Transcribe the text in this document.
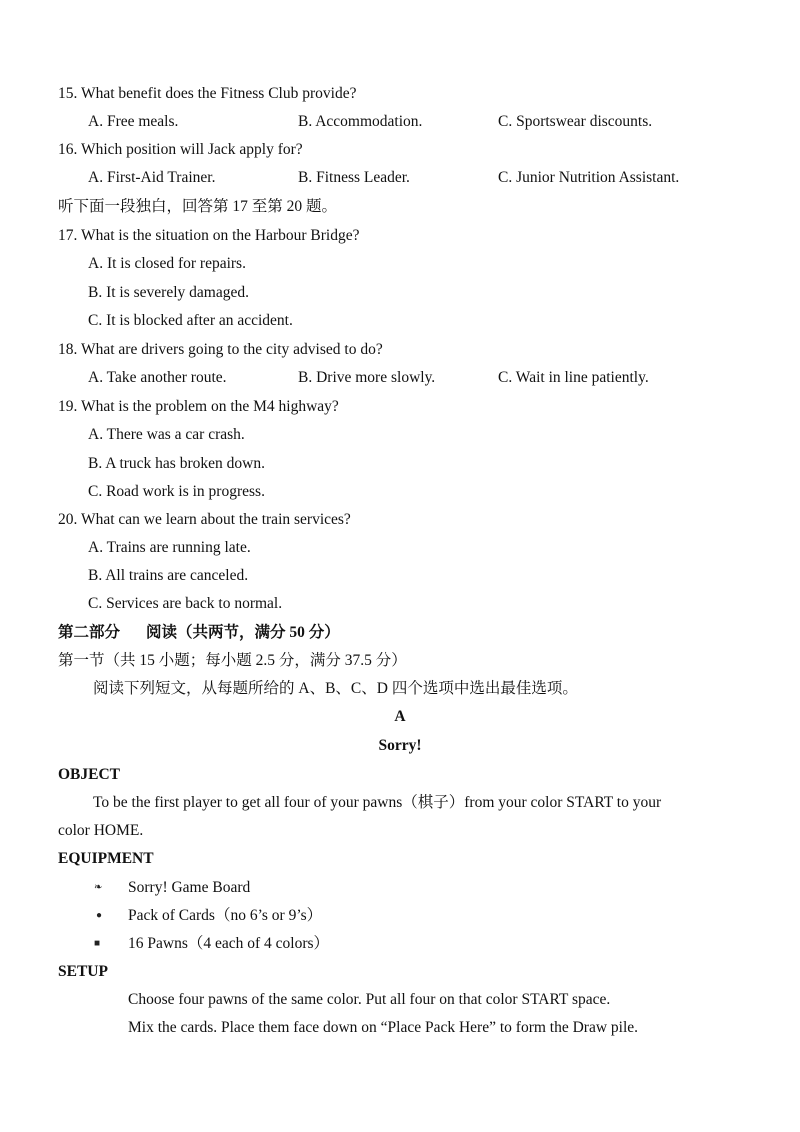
15. What benefit does the Fitness Club provide?
A. Free meals.	B. Accommodation.	C. Sportswear discounts.
16. Which position will Jack apply for?
A. First-Aid Trainer.	B. Fitness Leader.	C. Junior Nutrition Assistant.
听下面一段独白，回答第 17 至第 20 题。
17. What is the situation on the Harbour Bridge?
A. It is closed for repairs.
B. It is severely damaged.
C. It is blocked after an accident.
18. What are drivers going to the city advised to do?
A. Take another route.	B. Drive more slowly.	C. Wait in line patiently.
19. What is the problem on the M4 highway?
A. There was a car crash.
B. A truck has broken down.
C. Road work is in progress.
20. What can we learn about the train services?
A. Trains are running late.
B. All trains are canceled.
C. Services are back to normal.
第二部分 阅读（共两节，满分 50 分）
第一节（共 15 小题；每小题 2.5 分，满分 37.5 分）
阅读下列短文，从每题所给的 A、B、C、D 四个选项中选出最佳选项。
A
Sorry!
OBJECT
To be the first player to get all four of your pawns（棋子）from your color START to your
color HOME.
EQUIPMENT
❧ Sorry! Game Board
● Pack of Cards（no 6’s or 9’s）
■ 16 Pawns（4 each of 4 colors）
SETUP
Choose four pawns of the same color. Put all four on that color START space.
Mix the cards. Place them face down on “Place Pack Here” to form the Draw pile.
